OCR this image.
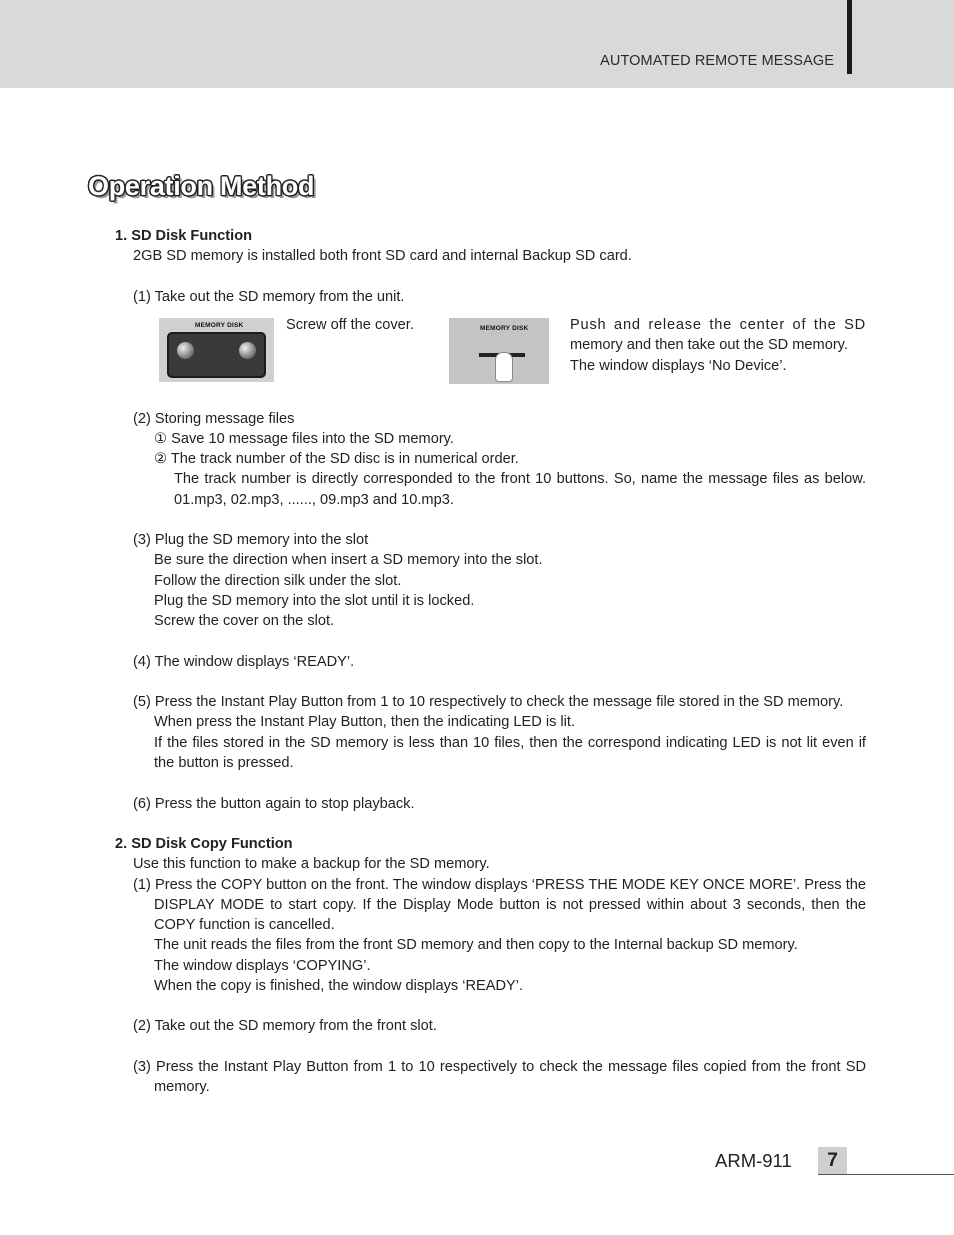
AUTOMATED REMOTE MESSAGE
Operation Method
1. SD Disk Function
2GB SD memory is installed both front SD card and internal Backup SD card.
(1) Take out the SD memory from the unit.
MEMORY DISK	Screw off the cover.	MEMORY DISK	Push and release the center of the SD
memory and then take out the SD memory.
The window displays ‘No Device’.
(2) Storing message files
① Save 10 message files into the SD memory.
② The track number of the SD disc is in numerical order.
The track number is directly corresponded to the front 10 buttons. So, name the message files as below.
01.mp3, 02.mp3, ......, 09.mp3 and 10.mp3.
(3) Plug the SD memory into the slot
Be sure the direction when insert a SD memory into the slot.
Follow the direction silk under the slot.
Plug the SD memory into the slot until it is locked.
Screw the cover on the slot.
(4) The window displays ‘READY’.
(5) Press the Instant Play Button from 1 to 10 respectively to check the message file stored in the SD memory.
When press the Instant Play Button, then the indicating LED is lit.
If the files stored in the SD memory is less than 10 files, then the correspond indicating LED is not lit even if
the button is pressed.
(6) Press the button again to stop playback.
2. SD Disk Copy Function
Use this function to make a backup for the SD memory.
(1) Press the COPY button on the front. The window displays ‘PRESS THE MODE KEY ONCE MORE’. Press the
DISPLAY MODE to start copy. If the Display Mode button is not pressed within about 3 seconds, then the
COPY function is cancelled.
The unit reads the files from the front SD memory and then copy to the Internal backup SD memory.
The window displays ‘COPYING’.
When the copy is finished, the window displays ‘READY’.
(2) Take out the SD memory from the front slot.
(3) Press the Instant Play Button from 1 to 10 respectively to check the message files copied from the front SD
memory.
ARM-911	7
